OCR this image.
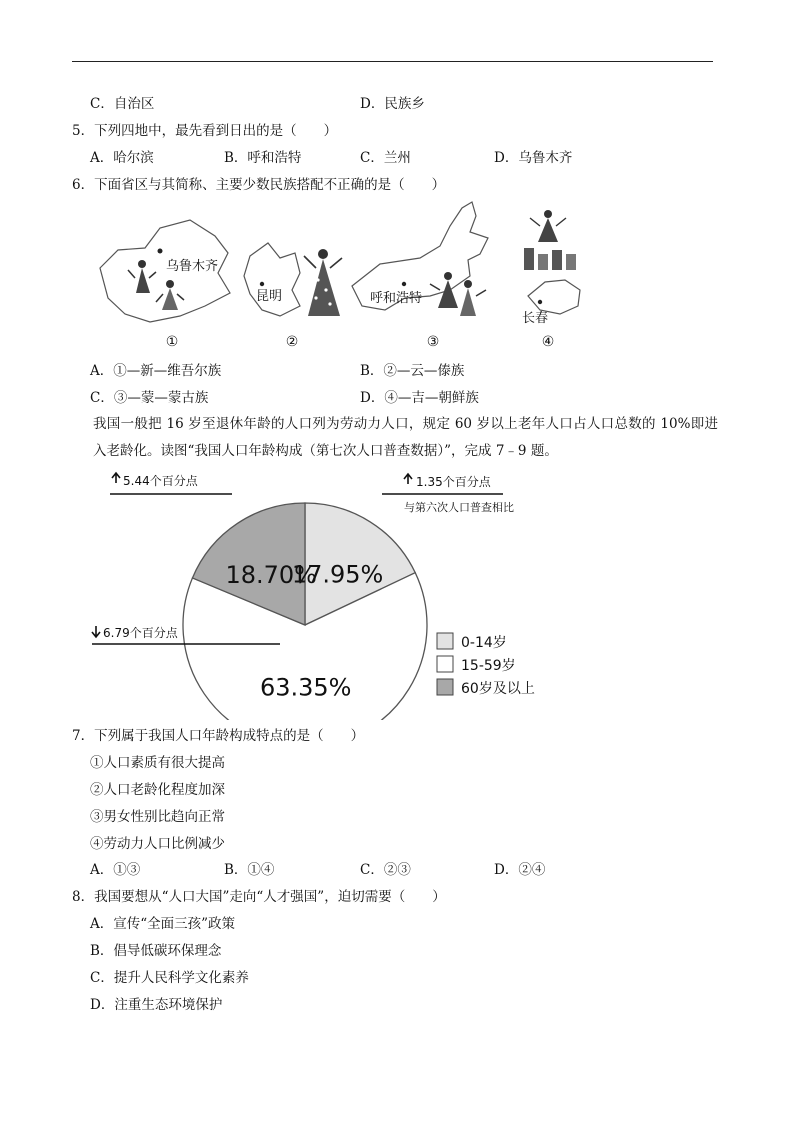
C．自治区	D．民族乡
5．下列四地中，最先看到日出的是（　　）
A．哈尔滨	B．呼和浩特	C．兰州	D．乌鲁木齐
6．下面省区与其简称、主要少数民族搭配不正确的是（　　）
乌鲁木齐
①
昆明
②
呼和浩特
③
长春
④
A．①—新—维吾尔族	B．②—云—傣族
C．③—蒙—蒙古族	D．④—吉—朝鲜族
我国一般把 16 岁至退休年龄的人口列为劳动力人口，规定 60 岁以上老年人口占人口总数的 10%即进入老龄化。读图“我国人口年龄构成（第七次人口普查数据）”，完成 7﹣9 题。
17.95%
63.35%
18.70%
5.44个百分点	1.35个百分点
与第六次人口普查相比
6.79个百分点
0-14岁
15-59岁
60岁及以上
7．下列属于我国人口年龄构成特点的是（　　）
①人口素质有很大提高
②人口老龄化程度加深
③男女性别比趋向正常
④劳动力人口比例减少
A．①③	B．①④	C．②③	D．②④
8．我国要想从“人口大国”走向“人才强国”，迫切需要（　　）
A．宣传“全面三孩”政策
B．倡导低碳环保理念
C．提升人民科学文化素养
D．注重生态环境保护
